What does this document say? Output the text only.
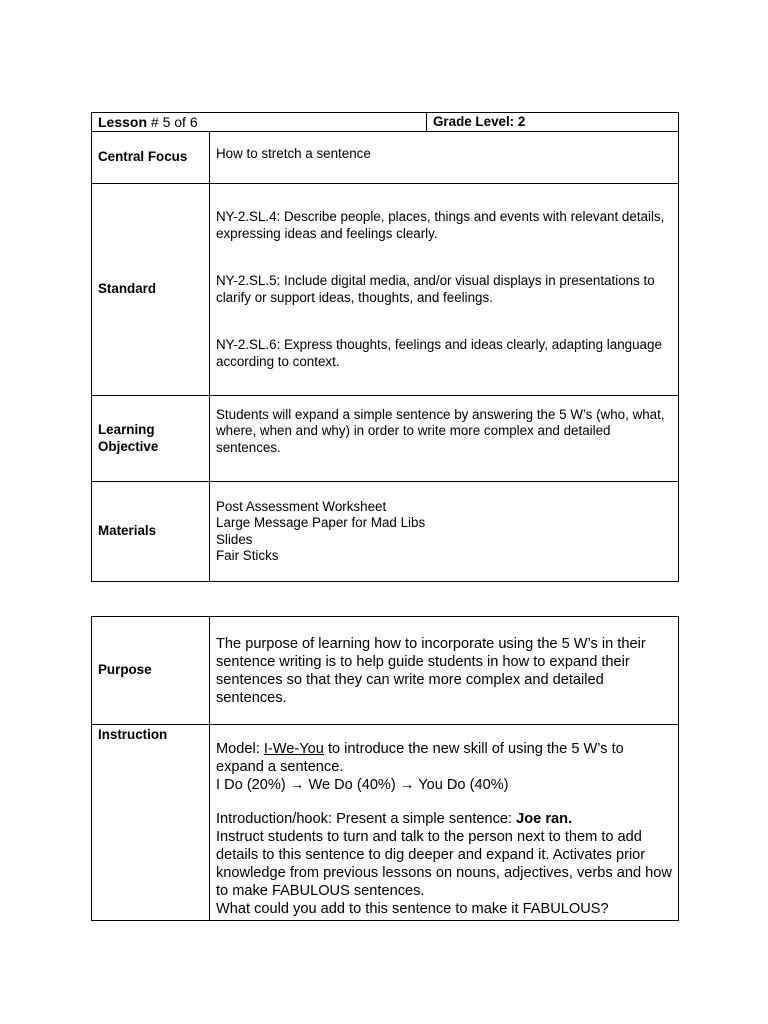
Lesson # 5 of 6		Grade Level: 2
Central Focus	How to stretch a sentence	

Standard	NY-2.SL.4: Describe people, places, things and events with relevant details, expressing ideas and feelings clearly.

NY-2.SL.5: Include digital media, and/or visual displays in presentations to clarify or support ideas, thoughts, and feelings.

NY-2.SL.6: Express thoughts, feelings and ideas clearly, adapting language according to context.	

Learning
Objective	Students will expand a simple sentence by answering the 5 W’s (who, what, where, when and why) in order to write more complex and detailed sentences.	

Materials	Post Assessment Worksheet

Large Message Paper for Mad Libs

Slides

Fair Sticks	

Purpose	The purpose of learning how to incorporate using the 5 W’s in their sentence writing is to help guide students in how to expand their sentences so that they can write more complex and detailed sentences.

Instruction	Model: I-We-You to introduce the new skill of using the 5 W’s to expand a sentence.

I Do (20%) → We Do (40%) → You Do (40%)

Introduction/hook: Present a simple sentence: Joe ran.

Instruct students to turn and talk to the person next to them to add details to this sentence to dig deeper and expand it. Activates prior knowledge from previous lessons on nouns, adjectives, verbs and how to make FABULOUS sentences.

What could you add to this sentence to make it FABULOUS?
